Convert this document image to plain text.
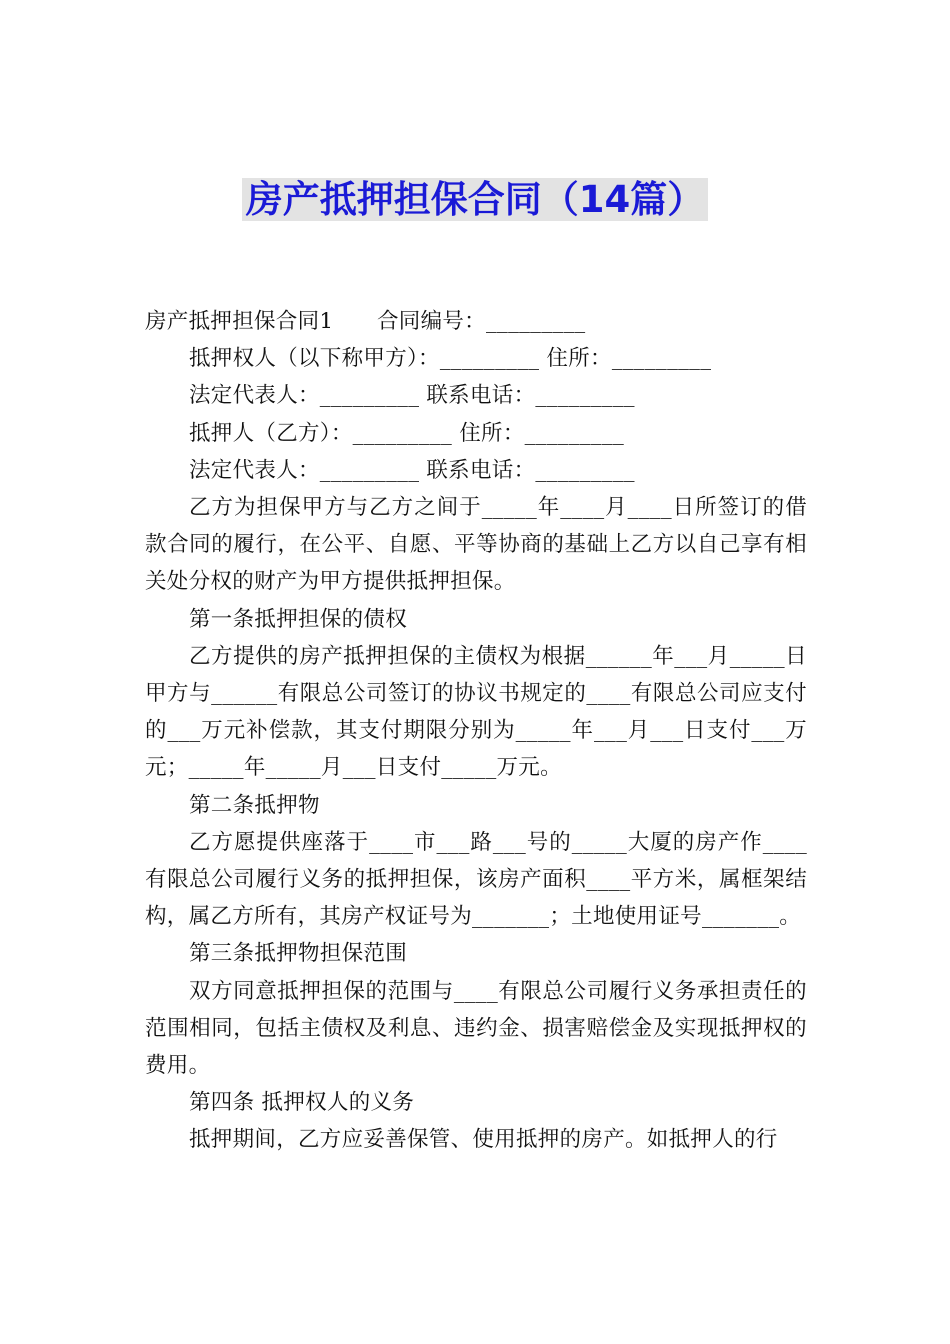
房产抵押担保合同（14篇）

房产抵押担保合同1　　合同编号：_________

抵押权人（以下称甲方）：_________ 住所：_________

法定代表人：_________ 联系电话：_________

抵押人（乙方）：_________ 住所：_________

法定代表人：_________ 联系电话：_________

乙方为担保甲方与乙方之间于_____年____月____日所签订的借款合同的履行，在公平、自愿、平等协商的基础上乙方以自己享有相关处分权的财产为甲方提供抵押担保。

第一条抵押担保的债权

乙方提供的房产抵押担保的主债权为根据______年___月_____日甲方与______有限总公司签订的协议书规定的____有限总公司应支付的___万元补偿款，其支付期限分别为_____年___月___日支付___万元；_____年_____月___日支付_____万元。

第二条抵押物

乙方愿提供座落于____市___路___号的_____大厦的房产作____有限总公司履行义务的抵押担保，该房产面积____平方米，属框架结构，属乙方所有，其房产权证号为_______；土地使用证号_______。

第三条抵押物担保范围

双方同意抵押担保的范围与____有限总公司履行义务承担责任的范围相同，包括主债权及利息、违约金、损害赔偿金及实现抵押权的费用。

第四条 抵押权人的义务

抵押期间，乙方应妥善保管、使用抵押的房产。如抵押人的行
